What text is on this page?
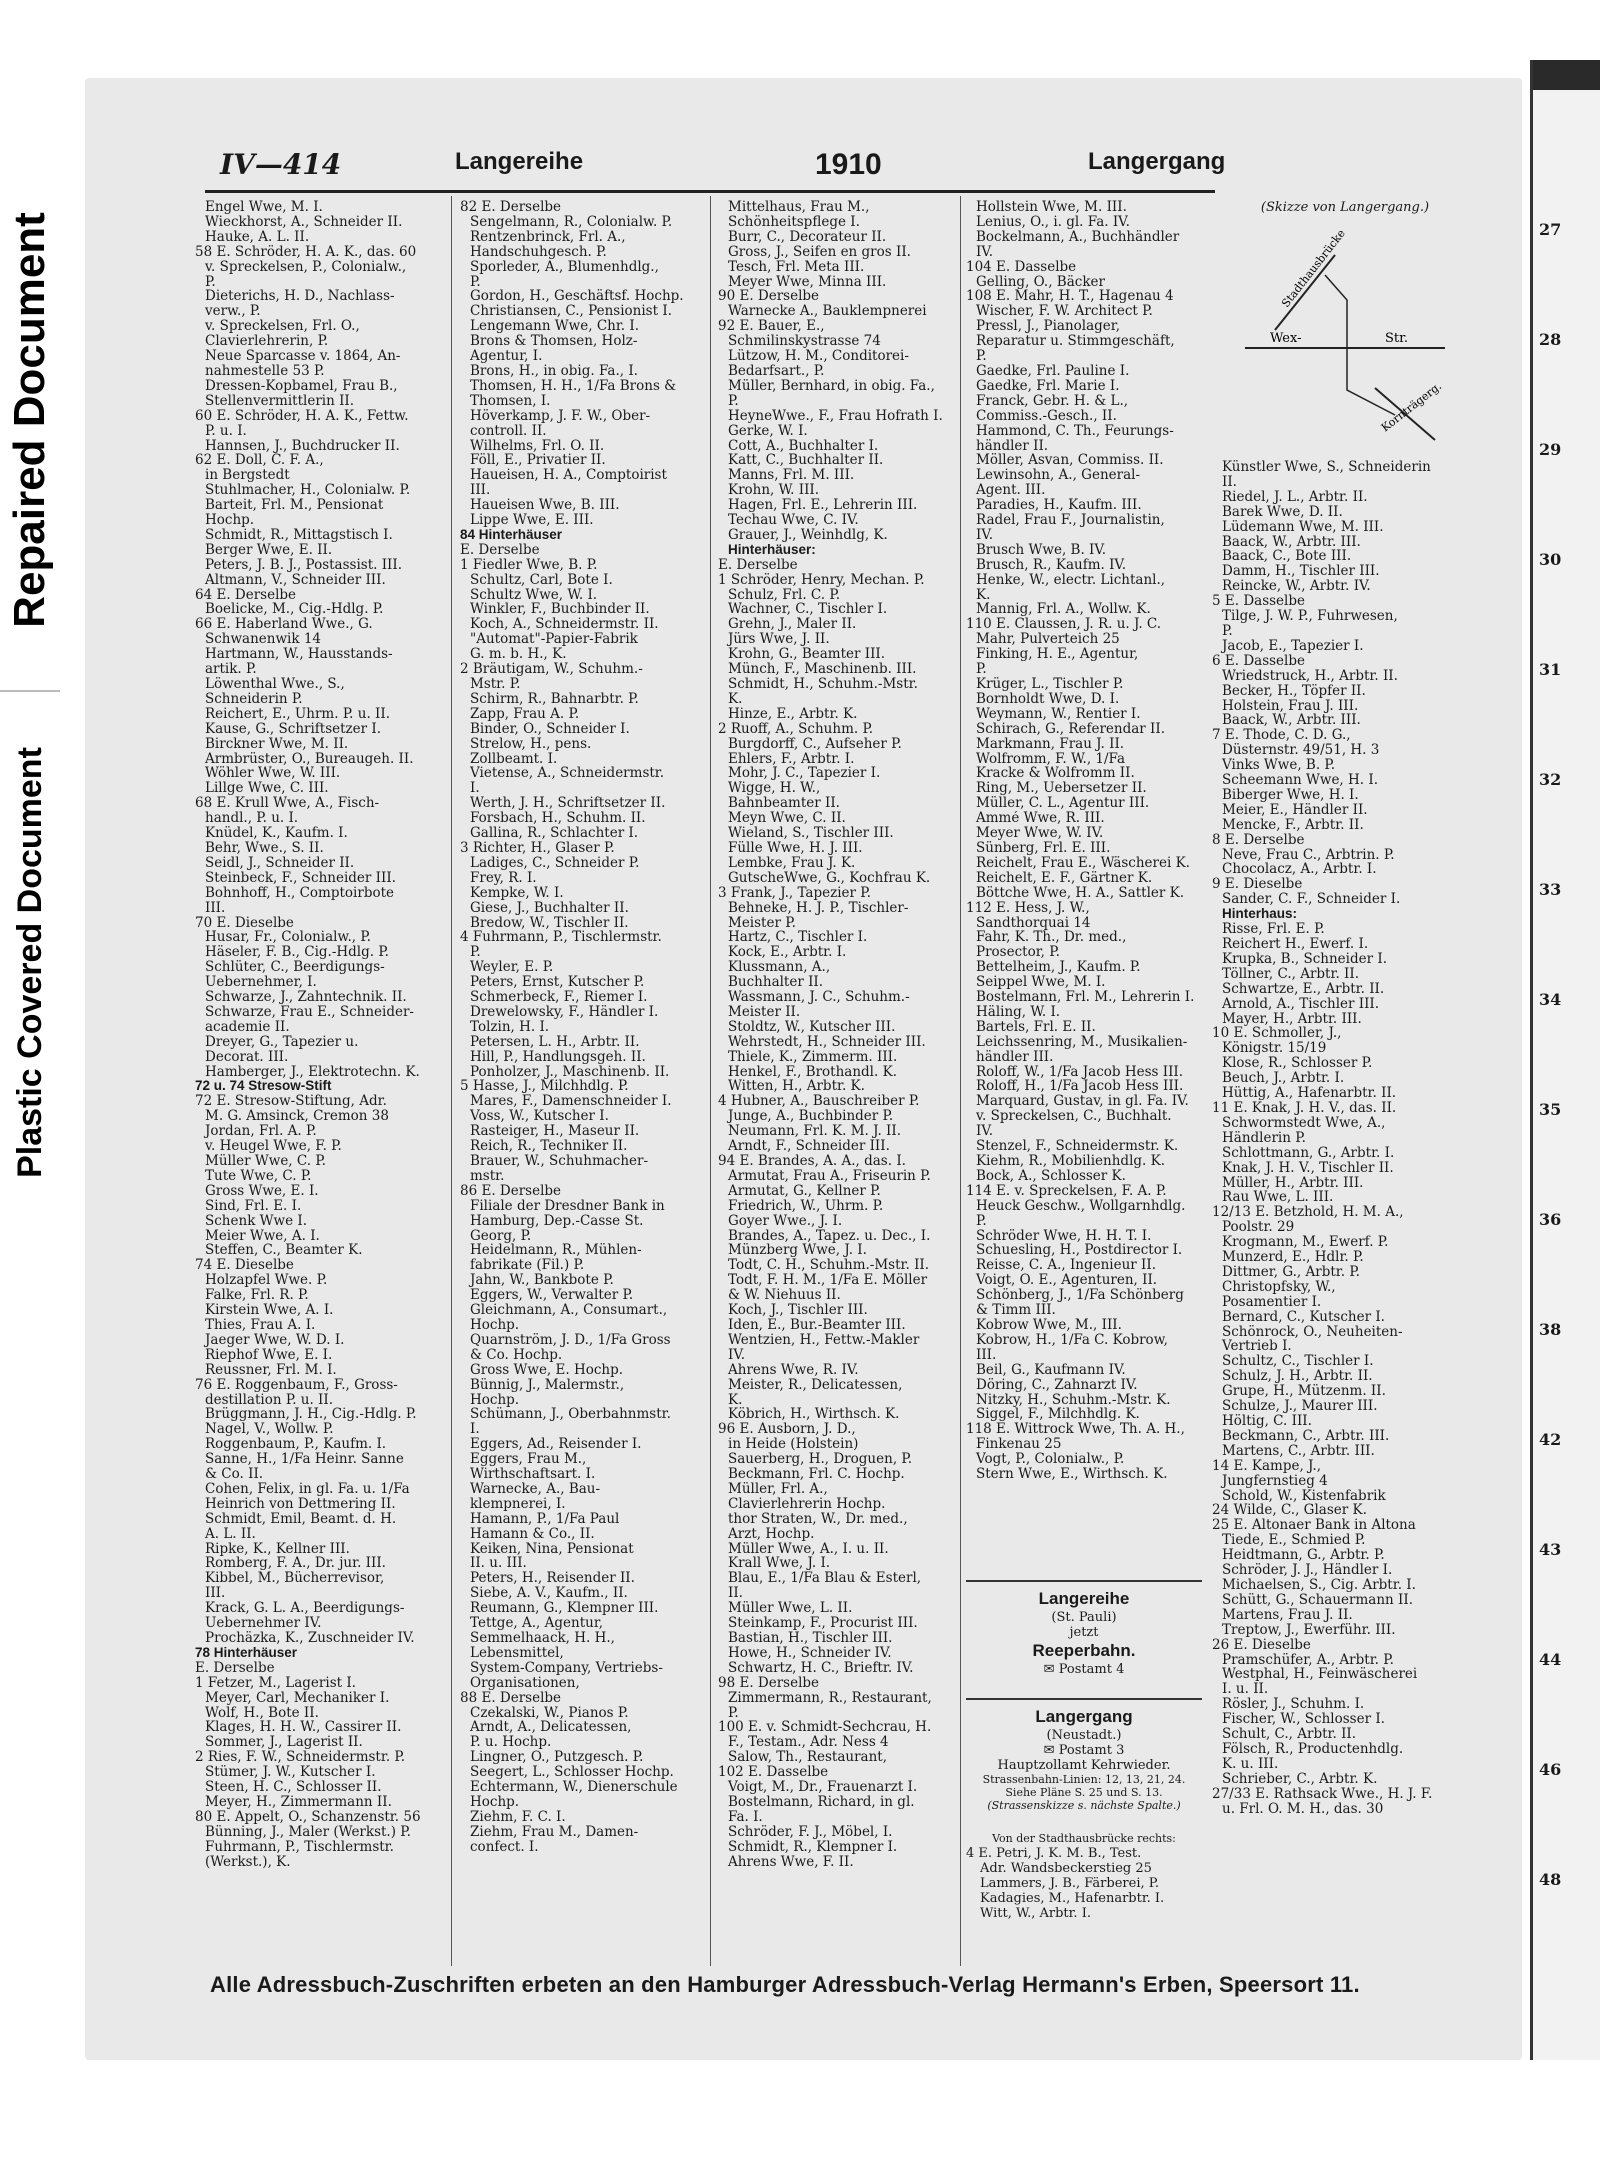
Repaired Document
Plastic Covered Document
27
28
29
30
31
32
33
34
35
36
38
42
43
44
46
48
IV—414	Langereihe	1910	Langergang
Engel Wwe, M. I.
Wieckhorst, A., Schneider II.
Hauke, A. L. II.
58 E. Schröder, H. A. K., das. 60
v. Spreckelsen, P., Colonialw.,
P.
Dieterichs, H. D., Nachlass-
verw., P.
v. Spreckelsen, Frl. O.,
Clavierlehrerin, P.
Neue Sparcasse v. 1864, An-
nahmestelle 53 P.
Dressen-Kopbamel, Frau B.,
Stellenvermittlerin II.
60 E. Schröder, H. A. K., Fettw.
P. u. I.
Hannsen, J., Buchdrucker II.
62 E. Doll, C. F. A.,
in Bergstedt
Stuhlmacher, H., Colonialw. P.
Barteit, Frl. M., Pensionat
Hochp.
Schmidt, R., Mittagstisch I.
Berger Wwe, E. II.
Peters, J. B. J., Postassist. III.
Altmann, V., Schneider III.
64 E. Derselbe
Boelicke, M., Cig.-Hdlg. P.
66 E. Haberland Wwe., G.
Schwanenwik 14
Hartmann, W., Hausstands-
artik. P.
Löwenthal Wwe., S.,
Schneiderin P.
Reichert, E., Uhrm. P. u. II.
Kause, G., Schriftsetzer I.
Birckner Wwe, M. II.
Armbrüster, O., Bureaugeh. II.
Wöhler Wwe, W. III.
Lillge Wwe, C. III.
68 E. Krull Wwe, A., Fisch-
handl., P. u. I.
Knüdel, K., Kaufm. I.
Behr, Wwe., S. II.
Seidl, J., Schneider II.
Steinbeck, F., Schneider III.
Bohnhoff, H., Comptoirbote
III.
70 E. Dieselbe
Husar, Fr., Colonialw., P.
Häseler, F. B., Cig.-Hdlg. P.
Schlüter, C., Beerdigungs-
Uebernehmer, I.
Schwarze, J., Zahntechnik. II.
Schwarze, Frau E., Schneider-
academie II.
Dreyer, G., Tapezier u.
Decorat. III.
Hamberger, J., Elektrotechn. K.
72 u. 74 Stresow-Stift
72 E. Stresow-Stiftung, Adr.
M. G. Amsinck, Cremon 38
Jordan, Frl. A. P.
v. Heugel Wwe, F. P.
Müller Wwe, C. P.
Tute Wwe, C. P.
Gross Wwe, E. I.
Sind, Frl. E. I.
Schenk Wwe I.
Meier Wwe, A. I.
Steffen, C., Beamter K.
74 E. Dieselbe
Holzapfel Wwe. P.
Falke, Frl. R. P.
Kirstein Wwe, A. I.
Thies, Frau A. I.
Jaeger Wwe, W. D. I.
Riephof Wwe, E. I.
Reussner, Frl. M. I.
76 E. Roggenbaum, F., Gross-
destillation P. u. II.
Brüggmann, J. H., Cig.-Hdlg. P.
Nagel, V., Wollw. P.
Roggenbaum, P., Kaufm. I.
Sanne, H., 1/Fa Heinr. Sanne
& Co. II.
Cohen, Felix, in gl. Fa. u. 1/Fa
Heinrich von Dettmering II.
Schmidt, Emil, Beamt. d. H.
A. L. II.
Ripke, K., Kellner III.
Romberg, F. A., Dr. jur. III.
Kibbel, M., Bücherrevisor,
III.
Krack, G. L. A., Beerdigungs-
Uebernehmer IV.
Prochäzka, K., Zuschneider IV.
78 Hinterhäuser
E. Derselbe
1 Fetzer, M., Lagerist I.
Meyer, Carl, Mechaniker I.
Wolf, H., Bote II.
Klages, H. H. W., Cassirer II.
Sommer, J., Lagerist II.
2 Ries, F. W., Schneidermstr. P.
Stümer, J. W., Kutscher I.
Steen, H. C., Schlosser II.
Meyer, H., Zimmermann II.
80 E. Appelt, O., Schanzenstr. 56
Bünning, J., Maler (Werkst.) P.
Fuhrmann, P., Tischlermstr.
(Werkst.), K.
82 E. Derselbe
Sengelmann, R., Colonialw. P.
Rentzenbrinck, Frl. A.,
Handschuhgesch. P.
Sporleder, A., Blumenhdlg.,
P.
Gordon, H., Geschäftsf. Hochp.
Christiansen, C., Pensionist I.
Lengemann Wwe, Chr. I.
Brons & Thomsen, Holz-
Agentur, I.
Brons, H., in obig. Fa., I.
Thomsen, H. H., 1/Fa Brons &
Thomsen, I.
Höverkamp, J. F. W., Ober-
controll. II.
Wilhelms, Frl. O. II.
Föll, E., Privatier II.
Haueisen, H. A., Comptoirist
III.
Haueisen Wwe, B. III.
Lippe Wwe, E. III.
84 Hinterhäuser
E. Derselbe
1 Fiedler Wwe, B. P.
Schultz, Carl, Bote I.
Schultz Wwe, W. I.
Winkler, F., Buchbinder II.
Koch, A., Schneidermstr. II.
"Automat"-Papier-Fabrik
G. m. b. H., K.
2 Bräutigam, W., Schuhm.-
Mstr. P.
Schirm, R., Bahnarbtr. P.
Zapp, Frau A. P.
Binder, O., Schneider I.
Strelow, H., pens.
Zollbeamt. I.
Vietense, A., Schneidermstr.
I.
Werth, J. H., Schriftsetzer II.
Forsbach, H., Schuhm. II.
Gallina, R., Schlachter I.
3 Richter, H., Glaser P.
Ladiges, C., Schneider P.
Frey, R. I.
Kempke, W. I.
Giese, J., Buchhalter II.
Bredow, W., Tischler II.
4 Fuhrmann, P., Tischlermstr.
P.
Weyler, E. P.
Peters, Ernst, Kutscher P.
Schmerbeck, F., Riemer I.
Drewelowsky, F., Händler I.
Tolzin, H. I.
Petersen, L. H., Arbtr. II.
Hill, P., Handlungsgeh. II.
Ponholzer, J., Maschinenb. II.
5 Hasse, J., Milchhdlg. P.
Mares, F., Damenschneider I.
Voss, W., Kutscher I.
Rasteiger, H., Maseur II.
Reich, R., Techniker II.
Brauer, W., Schuhmacher-
mstr.
86 E. Derselbe
Filiale der Dresdner Bank in
Hamburg, Dep.-Casse St.
Georg, P.
Heidelmann, R., Mühlen-
fabrikate (Fil.) P.
Jahn, W., Bankbote P.
Eggers, W., Verwalter P.
Gleichmann, A., Consumart.,
Hochp.
Quarnström, J. D., 1/Fa Gross
& Co. Hochp.
Gross Wwe, E. Hochp.
Bünnig, J., Malermstr.,
Hochp.
Schümann, J., Oberbahnmstr.
I.
Eggers, Ad., Reisender I.
Eggers, Frau M.,
Wirthschaftsart. I.
Warnecke, A., Bau-
klempnerei, I.
Hamann, P., 1/Fa Paul
Hamann & Co., II.
Keiken, Nina, Pensionat
II. u. III.
Peters, H., Reisender II.
Siebe, A. V., Kaufm., II.
Reumann, G., Klempner III.
Tettge, A., Agentur,
Semmelhaack, H. H.,
Lebensmittel,
System-Company, Vertriebs-
Organisationen,
88 E. Derselbe
Czekalski, W., Pianos P.
Arndt, A., Delicatessen,
P. u. Hochp.
Lingner, O., Putzgesch. P.
Seegert, L., Schlosser Hochp.
Echtermann, W., Dienerschule
Hochp.
Ziehm, F. C. I.
Ziehm, Frau M., Damen-
confect. I.
Mittelhaus, Frau M.,
Schönheitspflege I.
Burr, C., Decorateur II.
Gross, J., Seifen en gros II.
Tesch, Frl. Meta III.
Meyer Wwe, Minna III.
90 E. Derselbe
Warnecke A., Bauklempnerei
92 E. Bauer, E.,
Schmilinskystrasse 74
Lützow, H. M., Conditorei-
Bedarfsart., P.
Müller, Bernhard, in obig. Fa.,
P.
HeyneWwe., F., Frau Hofrath I.
Gerke, W. I.
Cott, A., Buchhalter I.
Katt, C., Buchhalter II.
Manns, Frl. M. III.
Krohn, W. III.
Hagen, Frl. E., Lehrerin III.
Techau Wwe, C. IV.
Grauer, J., Weinhdlg, K.
Hinterhäuser:
E. Derselbe
1 Schröder, Henry, Mechan. P.
Schulz, Frl. C. P.
Wachner, C., Tischler I.
Grehn, J., Maler II.
Jürs Wwe, J. II.
Krohn, G., Beamter III.
Münch, F., Maschinenb. III.
Schmidt, H., Schuhm.-Mstr.
K.
Hinze, E., Arbtr. K.
2 Ruoff, A., Schuhm. P.
Burgdorff, C., Aufseher P.
Ehlers, F., Arbtr. I.
Mohr, J. C., Tapezier I.
Wigge, H. W.,
Bahnbeamter II.
Meyn Wwe, C. II.
Wieland, S., Tischler III.
Fülle Wwe, H. J. III.
Lembke, Frau J. K.
GutscheWwe, G., Kochfrau K.
3 Frank, J., Tapezier P.
Behneke, H. J. P., Tischler-
Meister P.
Hartz, C., Tischler I.
Kock, E., Arbtr. I.
Klussmann, A.,
Buchhalter II.
Wassmann, J. C., Schuhm.-
Meister II.
Stoldtz, W., Kutscher III.
Wehrstedt, H., Schneider III.
Thiele, K., Zimmerm. III.
Henkel, F., Brothandl. K.
Witten, H., Arbtr. K.
4 Hubner, A., Bauschreiber P.
Junge, A., Buchbinder P.
Neumann, Frl. K. M. J. II.
Arndt, F., Schneider III.
94 E. Brandes, A. A., das. I.
Armutat, Frau A., Friseurin P.
Armutat, G., Kellner P.
Friedrich, W., Uhrm. P.
Goyer Wwe., J. I.
Brandes, A., Tapez. u. Dec., I.
Münzberg Wwe, J. I.
Todt, C. H., Schuhm.-Mstr. II.
Todt, F. H. M., 1/Fa E. Möller
& W. Niehuus II.
Koch, J., Tischler III.
Iden, E., Bur.-Beamter III.
Wentzien, H., Fettw.-Makler
IV.
Ahrens Wwe, R. IV.
Meister, R., Delicatessen,
K.
Köbrich, H., Wirthsch. K.
96 E. Ausborn, J. D.,
in Heide (Holstein)
Sauerberg, H., Droguen, P.
Beckmann, Frl. C. Hochp.
Müller, Frl. A.,
Clavierlehrerin Hochp.
thor Straten, W., Dr. med.,
Arzt, Hochp.
Müller Wwe, A., I. u. II.
Krall Wwe, J. I.
Blau, E., 1/Fa Blau & Esterl,
II.
Müller Wwe, L. II.
Steinkamp, F., Procurist III.
Bastian, H., Tischler III.
Howe, H., Schneider IV.
Schwartz, H. C., Brieftr. IV.
98 E. Derselbe
Zimmermann, R., Restaurant,
P.
100 E. v. Schmidt-Sechcrau, H.
F., Testam., Adr. Ness 4
Salow, Th., Restaurant,
102 E. Dasselbe
Voigt, M., Dr., Frauenarzt I.
Bostelmann, Richard, in gl.
Fa. I.
Schröder, F. J., Möbel, I.
Schmidt, R., Klempner I.
Ahrens Wwe, F. II.
Hollstein Wwe, M. III.
Lenius, O., i. gl. Fa. IV.
Bockelmann, A., Buchhändler
IV.
104 E. Dasselbe
Gelling, O., Bäcker
108 E. Mahr, H. T., Hagenau 4
Wischer, F. W. Architect P.
Pressl, J., Pianolager,
Reparatur u. Stimmgeschäft,
P.
Gaedke, Frl. Pauline I.
Gaedke, Frl. Marie I.
Franck, Gebr. H. & L.,
Commiss.-Gesch., II.
Hammond, C. Th., Feurungs-
händler II.
Möller, Asvan, Commiss. II.
Lewinsohn, A., General-
Agent. III.
Paradies, H., Kaufm. III.
Radel, Frau F., Journalistin,
IV.
Brusch Wwe, B. IV.
Brusch, R., Kaufm. IV.
Henke, W., electr. Lichtanl.,
K.
Mannig, Frl. A., Wollw. K.
110 E. Claussen, J. R. u. J. C.
Mahr, Pulverteich 25
Finking, H. E., Agentur,
P.
Krüger, L., Tischler P.
Bornholdt Wwe, D. I.
Weymann, W., Rentier I.
Schirach, G., Referendar II.
Markmann, Frau J. II.
Wolfromm, F. W., 1/Fa
Kracke & Wolfromm II.
Ring, M., Uebersetzer II.
Müller, C. L., Agentur III.
Ammé Wwe, R. III.
Meyer Wwe, W. IV.
Sünberg, Frl. E. III.
Reichelt, Frau E., Wäscherei K.
Reichelt, E. F., Gärtner K.
Böttche Wwe, H. A., Sattler K.
112 E. Hess, J. W.,
Sandthorquai 14
Fahr, K. Th., Dr. med.,
Prosector, P.
Bettelheim, J., Kaufm. P.
Seippel Wwe, M. I.
Bostelmann, Frl. M., Lehrerin I.
Häling, W. I.
Bartels, Frl. E. II.
Leichssenring, M., Musikalien-
händler III.
Roloff, W., 1/Fa Jacob Hess III.
Roloff, H., 1/Fa Jacob Hess III.
Marquard, Gustav, in gl. Fa. IV.
v. Spreckelsen, C., Buchhalt.
IV.
Stenzel, F., Schneidermstr. K.
Kiehm, R., Mobilienhdlg. K.
Bock, A., Schlosser K.
114 E. v. Spreckelsen, F. A. P.
Heuck Geschw., Wollgarnhdlg.
P.
Schröder Wwe, H. H. T. I.
Schuesling, H., Postdirector I.
Reisse, C. A., Ingenieur II.
Voigt, O. E., Agenturen, II.
Schönberg, J., 1/Fa Schönberg
& Timm III.
Kobrow Wwe, M., III.
Kobrow, H., 1/Fa C. Kobrow,
III.
Beil, G., Kaufmann IV.
Döring, C., Zahnarzt IV.
Nitzky, H., Schuhm.-Mstr. K.
Siggel, F., Milchhdlg. K.
118 E. Wittrock Wwe, Th. A. H.,
Finkenau 25
Vogt, P., Colonialw., P.
Stern Wwe, E., Wirthsch. K.
Künstler Wwe, S., Schneiderin
II.
Riedel, J. L., Arbtr. II.
Barek Wwe, D. II.
Lüdemann Wwe, M. III.
Baack, W., Arbtr. III.
Baack, C., Bote III.
Damm, H., Tischler III.
Reincke, W., Arbtr. IV.
5 E. Dasselbe
Tilge, J. W. P., Fuhrwesen,
P.
Jacob, E., Tapezier I.
6 E. Dasselbe
Wriedstruck, H., Arbtr. II.
Becker, H., Töpfer II.
Holstein, Frau J. III.
Baack, W., Arbtr. III.
7 E. Thode, C. D. G.,
Düsternstr. 49/51, H. 3
Vinks Wwe, B. P.
Scheemann Wwe, H. I.
Biberger Wwe, H. I.
Meier, E., Händler II.
Mencke, F., Arbtr. II.
8 E. Derselbe
Neve, Frau C., Arbtrin. P.
Chocolacz, A., Arbtr. I.
9 E. Dieselbe
Sander, C. F., Schneider I.
Hinterhaus:
Risse, Frl. E. P.
Reichert H., Ewerf. I.
Krupka, B., Schneider I.
Töllner, C., Arbtr. II.
Schwartze, E., Arbtr. II.
Arnold, A., Tischler III.
Mayer, H., Arbtr. III.
10 E. Schmoller, J.,
Königstr. 15/19
Klose, R., Schlosser P.
Beuch, J., Arbtr. I.
Hüttig, A., Hafenarbtr. II.
11 E. Knak, J. H. V., das. II.
Schwormstedt Wwe, A.,
Händlerin P.
Schlottmann, G., Arbtr. I.
Knak, J. H. V., Tischler II.
Müller, H., Arbtr. III.
Rau Wwe, L. III.
12/13 E. Betzhold, H. M. A.,
Poolstr. 29
Krogmann, M., Ewerf. P.
Munzerd, E., Hdlr. P.
Dittmer, G., Arbtr. P.
Christopfsky, W.,
Posamentier I.
Bernard, C., Kutscher I.
Schönrock, O., Neuheiten-
Vertrieb I.
Schultz, C., Tischler I.
Schulz, J. H., Arbtr. II.
Grupe, H., Mützenm. II.
Schulze, J., Maurer III.
Höltig, C. III.
Beckmann, C., Arbtr. III.
Martens, C., Arbtr. III.
14 E. Kampe, J.,
Jungfernstieg 4
Schold, W., Kistenfabrik
24 Wilde, C., Glaser K.
25 E. Altonaer Bank in Altona
Tiede, E., Schmied P.
Heidtmann, G., Arbtr. P.
Schröder, J. J., Händler I.
Michaelsen, S., Cig. Arbtr. I.
Schütt, G., Schauermann II.
Martens, Frau J. II.
Treptow, J., Ewerführ. III.
26 E. Dieselbe
Pramschüfer, A., Arbtr. P.
Westphal, H., Feinwäscherei
I. u. II.
Rösler, J., Schuhm. I.
Fischer, W., Schlosser I.
Schult, C., Arbtr. II.
Fölsch, R., Productenhdlg.
K. u. III.
Schrieber, C., Arbtr. K.
27/33 E. Rathsack Wwe., H. J. F.
u. Frl. O. M. H., das. 30
(Skizze von Langergang.)
Stadthausbrücke
Wex-	Str.
Kornträgerg.
Langereihe
(St. Pauli)
jetzt
Reeperbahn.
✉ Postamt 4
Langergang
(Neustadt.)
✉ Postamt 3
Hauptzollamt Kehrwieder.
Strassenbahn-Linien: 12, 13, 21, 24.
Siehe Pläne S. 25 und S. 13.
(Strassenskizze s. nächste Spalte.)
Von der Stadthausbrücke rechts:
4 E. Petri, J. K. M. B., Test.
Adr. Wandsbeckerstieg 25
Lammers, J. B., Färberei, P.
Kadagies, M., Hafenarbtr. I.
Witt, W., Arbtr. I.
Alle Adressbuch-Zuschriften erbeten an den Hamburger Adressbuch-Verlag Hermann's Erben, Speersort 11.
